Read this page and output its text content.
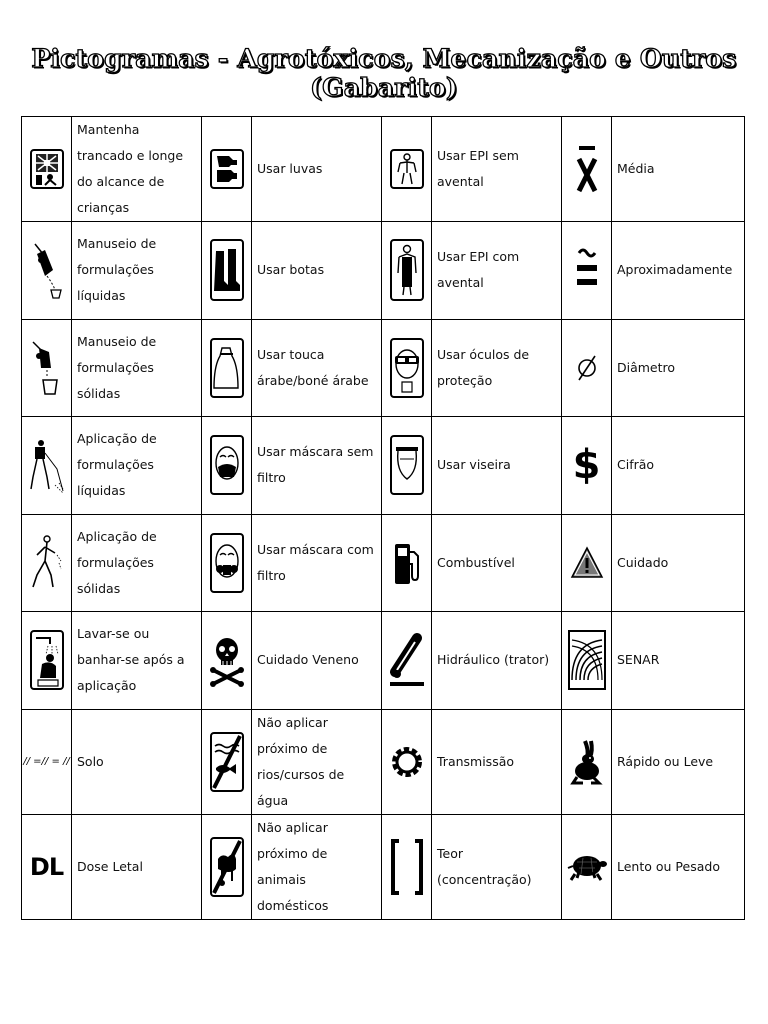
Pictogramas - Agrotóxicos, Mecanização e Outros (Gabarito)
	Mantenha trancado e longe do alcance de crianças		Usar luvas		Usar EPI sem avental		Média

	Manuseio de formulações líquidas		Usar botas		Usar EPI com avental		Aproximadamente

	Manuseio de formulações sólidas		Usar touca árabe/boné árabe		Usar óculos de proteção		Diâmetro

	Aplicação de formulações líquidas		Usar máscara sem filtro		Usar viseira	$	Cifrão

	Aplicação de formulações sólidas		Usar máscara com filtro		Combustível		Cuidado

	Lavar-se ou banhar-se após a aplicação		Cuidado Veneno		Hidráulico (trator)		SENAR

// =// = //	Solo		Não aplicar próximo de rios/cursos de água		Transmissão		Rápido ou Leve

DL	Dose Letal		Não aplicar próximo de animais domésticos		Teor (concentração)		Lento ou Pesado
